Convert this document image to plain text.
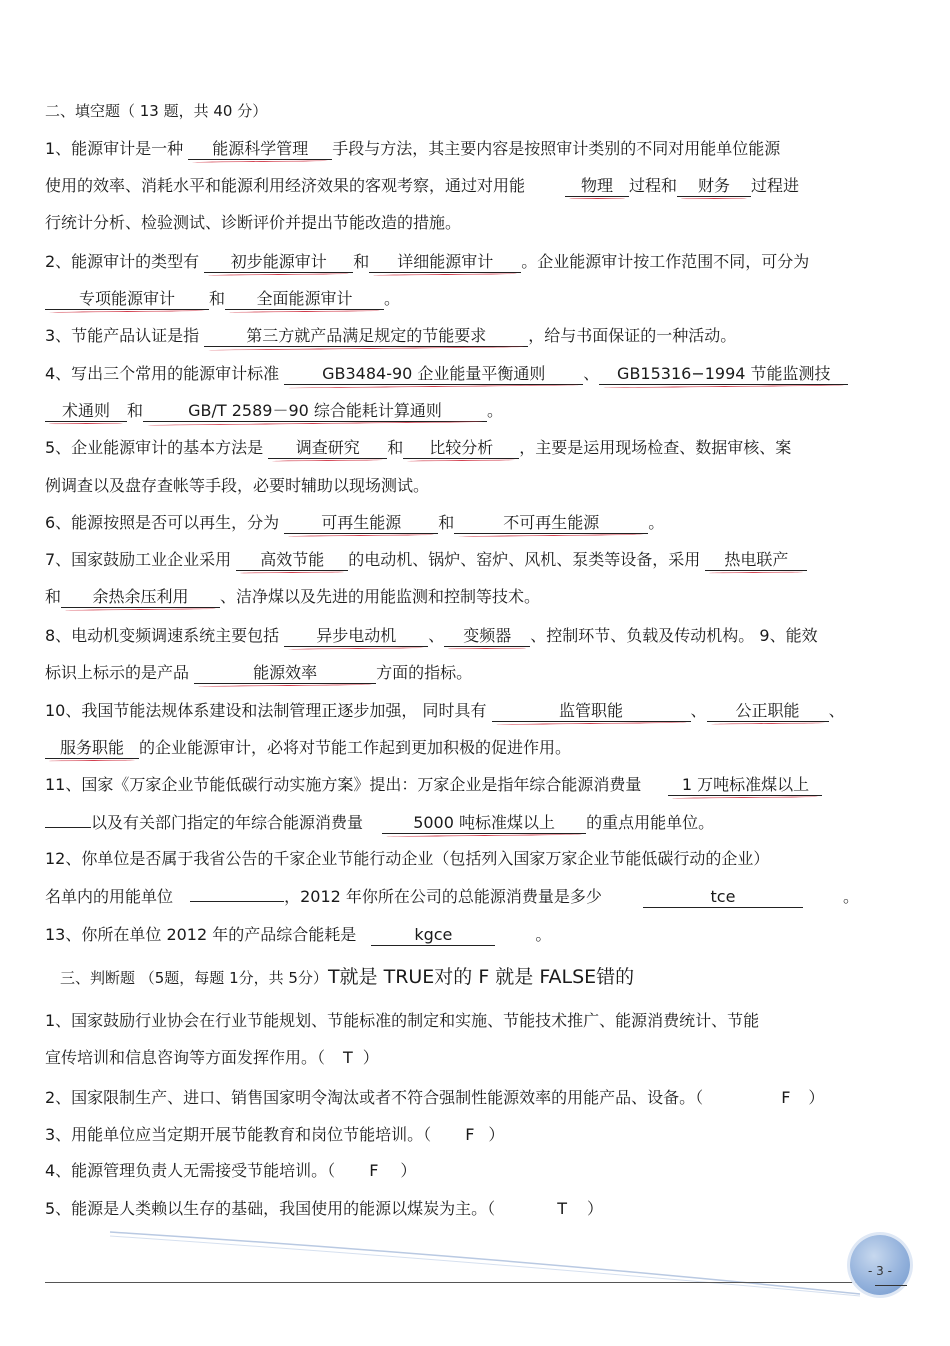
二、填空题（ 13 题，共 40 分）
1、能源审计是一种 能源科学管理 手段与方法，其主要内容是按照审计类别的不同对用能单位能源
使用的效率、消耗水平和能源利用经济效果的客观考察，通过对用能	物理 过程和 财务 过程进
行统计分析、检验测试、诊断评价并提出节能改造的措施。
2、能源审计的类型有 初步能源审计 和 详细能源审计 。企业能源审计按工作范围不同，可分为
专项能源审计 和 全面能源审计 。
3、节能产品认证是指	第三方就产品满足规定的节能要求	，给与书面保证的一种活动。
4、写出三个常用的能源审计标准 GB3484-90 企业能量平衡通则 、 GB15316−1994 节能监测技
术通则 和	GB/T 2589－90 综合能耗计算通则	。
5、企业能源审计的基本方法是 调查研究 和 比较分析 ，主要是运用现场检查、数据审核、案
例调查以及盘存查帐等手段，必要时辅助以现场测试。
6、能源按照是否可以再生，分为 可再生能源 和	不可再生能源	。
7、国家鼓励工业企业采用 高效节能 的电动机、锅炉、窑炉、风机、泵类等设备，采用 热电联产
和 余热余压利用 、洁净煤以及先进的用能监测和控制等技术。
8、电动机变频调速系统主要包括 异步电动机 、 变频器 、控制环节、负载及传动机构。 9、能效
标识上标示的是产品	能源效率	方面的指标。
10、我国节能法规体系建设和法制管理正逐步加强， 同时具有	监管职能	、 公正职能 、
服务职能 的企业能源审计，必将对节能工作起到更加积极的促进作用。
11、国家《万家企业节能低碳行动实施方案》提出：万家企业是指年综合能源消费量 1 万吨标准煤以上
以及有关部门指定的年综合能源消费量	5000 吨标准煤以上 的重点用能单位。
12、你单位是否属于我省公告的千家企业节能行动企业（包括列入国家万家企业节能低碳行动的企业）
名单内的用能单位	，2012 年你所在公司的总能源消费量是多少	tce	。
13、你所在单位 2012 年的产品综合能耗是	kgce	。
三、判断题 （5题，每题 1分，共 5分）T就是 TRUE对的 F 就是 FALSE错的
1、国家鼓励行业协会在行业节能规划、节能标准的制定和实施、节能技术推广、能源消费统计、节能
宣传培训和信息咨询等方面发挥作用。（ T ）
2、国家限制生产、进口、销售国家明令淘汰或者不符合强制性能源效率的用能产品、设备。（	F ）
3、用能单位应当定期开展节能教育和岗位节能培训。（ F ）
4、能源管理负责人无需接受节能培训。（ F ）
5、能源是人类赖以生存的基础，我国使用的能源以煤炭为主。（	T ）
- 3 -
